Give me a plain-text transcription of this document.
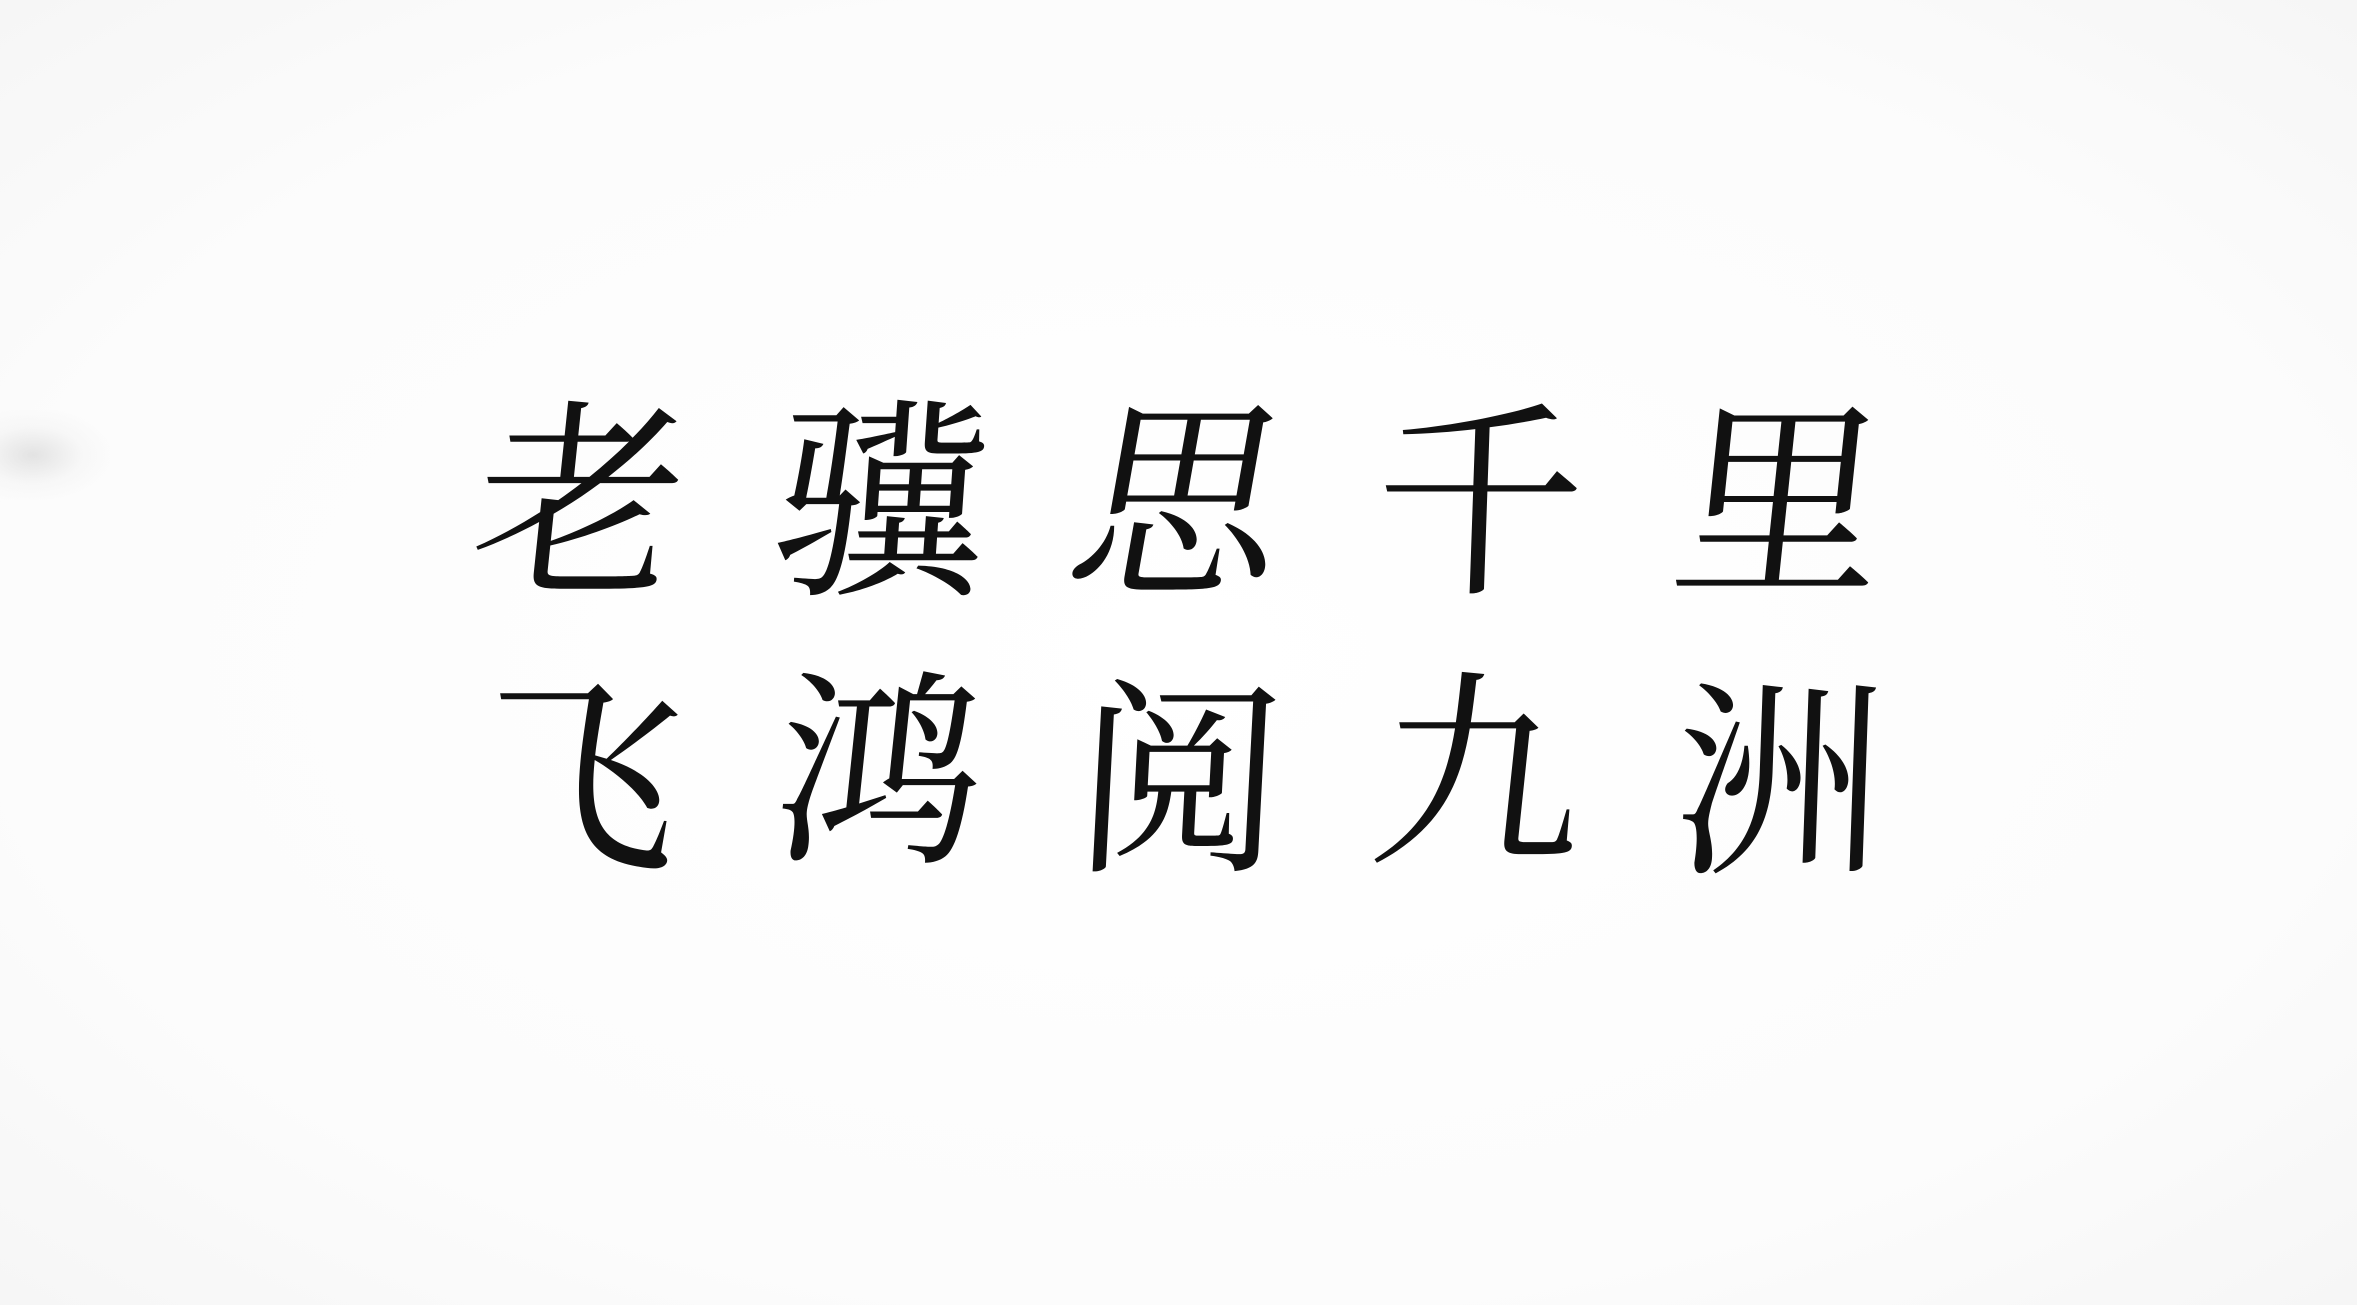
老 骥 思 千 里
飞 鸿 阅 九 洲
